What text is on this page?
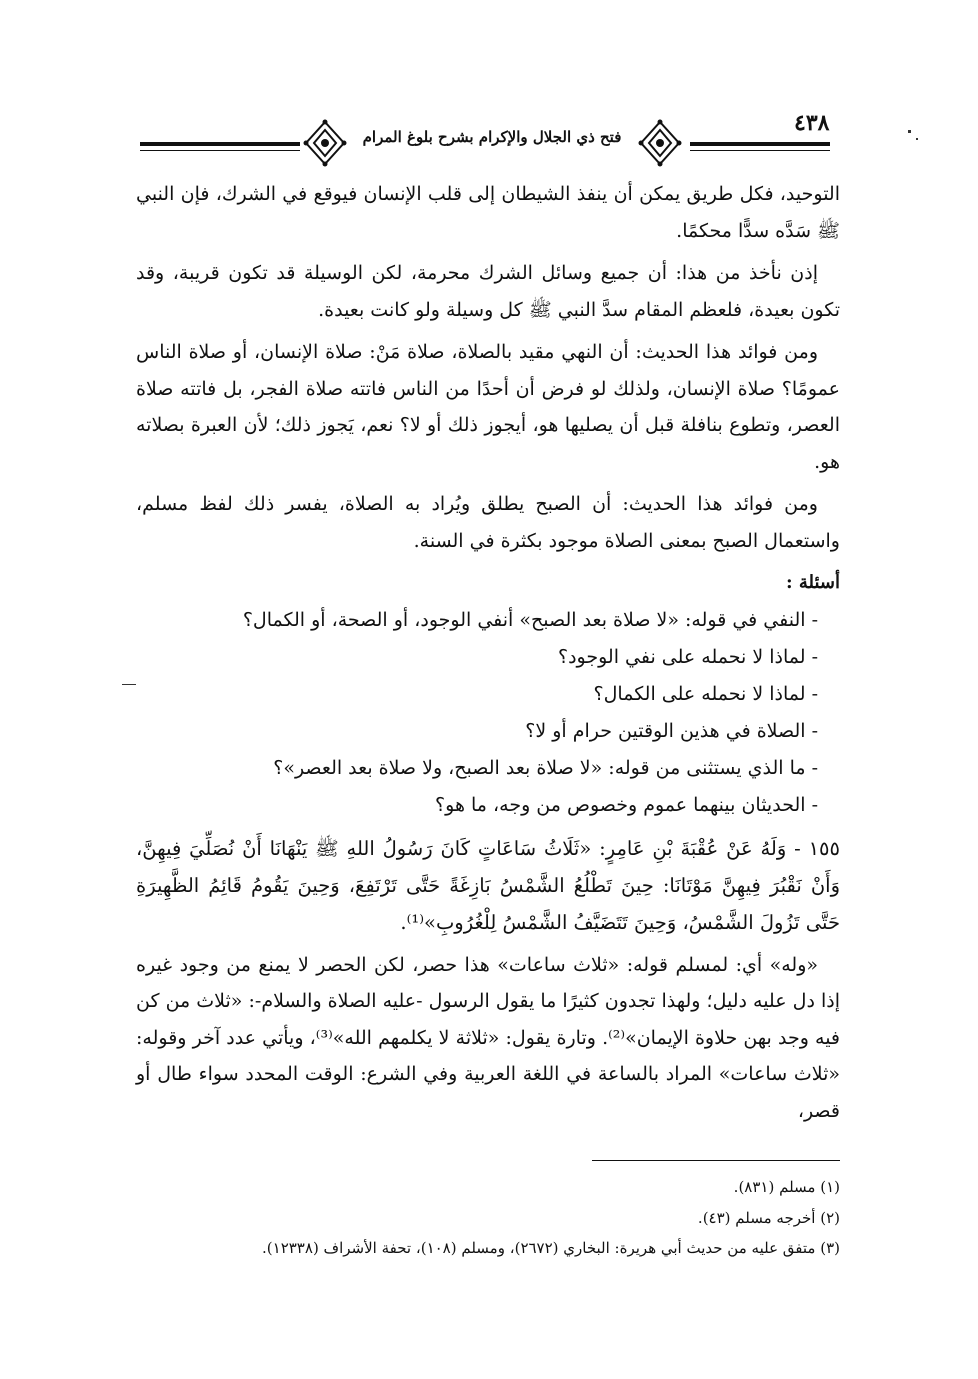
فتح ذي الجلال والإكرام بشرح بلوغ المرام
٤٣٨

التوحيد، فكل طريق يمكن أن ينفذ الشيطان إلى قلب الإنسان فيوقع في الشرك، فإن النبي ﷺ سَدَّه سدًّا محكمًا.

إذن نأخذ من هذا: أن جميع وسائل الشرك محرمة، لكن الوسيلة قد تكون قريبة، وقد تكون بعيدة، فلعظم المقام سدَّ النبي ﷺ كل وسيلة ولو كانت بعيدة.

ومن فوائد هذا الحديث: أن النهي مقيد بالصلاة، صلاة مَنْ: صلاة الإنسان، أو صلاة الناس عمومًا؟ صلاة الإنسان، ولذلك لو فرض أن أحدًا من الناس فاتته صلاة الفجر، بل فاتته صلاة العصر، وتطوع بنافلة قبل أن يصليها هو، أيجوز ذلك أو لا؟ نعم، يَجوز ذلك؛ لأن العبرة بصلاته هو.

ومن فوائد هذا الحديث: أن الصبح يطلق ويُراد به الصلاة، يفسر ذلك لفظ مسلم، واستعمال الصبح بمعنى الصلاة موجود بكثرة في السنة.

أسئلة :

- النفي في قوله: «لا صلاة بعد الصبح» أنفي الوجود، أو الصحة، أو الكمال؟
- لماذا لا نحمله على نفي الوجود؟
- لماذا لا نحمله على الكمال؟
- الصلاة في هذين الوقتين حرام أو لا؟
- ما الذي يستثنى من قوله: «لا صلاة بعد الصبح، ولا صلاة بعد العصر»؟
- الحديثان بينهما عموم وخصوص من وجه، ما هو؟

١٥٥ - وَلَهُ عَنْ عُقْبَةَ بْنِ عَامِرٍ: «ثَلَاثُ سَاعَاتٍ كَانَ رَسُولُ اللهِ ﷺ يَنْهَانَا أَنْ نُصَلِّيَ فِيهِنَّ، وَأَنْ نَقْبُرَ فِيهِنَّ مَوْتَانَا: حِينَ تَطْلُعُ الشَّمْسُ بَازِغَةً حَتَّى تَرْتَفِعَ، وَحِينَ يَقُومُ قَائِمُ الظَّهِيرَةِ حَتَّى تَزُولَ الشَّمْسُ، وَحِينَ تَتَضَيَّفُ الشَّمْسُ لِلْغُرُوبِ»⁽¹⁾.

«وله» أي: لمسلم قوله: «ثلاث ساعات» هذا حصر، لكن الحصر لا يمنع من وجود غيره إذا دل عليه دليل؛ ولهذا تجدون كثيرًا ما يقول الرسول -عليه الصلاة والسلام-: «ثلاث من كن فيه وجد بهن حلاوة الإيمان»⁽²⁾. وتارة يقول: «ثلاثة لا يكلمهم الله»⁽³⁾، ويأتي عدد آخر وقوله: «ثلاث ساعات» المراد بالساعة في اللغة العربية وفي الشرع: الوقت المحدد سواء طال أو قصر،

(١) مسلم (٨٣١).
(٢) أخرجه مسلم (٤٣).
(٣) متفق عليه من حديث أبي هريرة: البخاري (٢٦٧٢)، ومسلم (١٠٨)، تحفة الأشراف (١٢٣٣٨).
